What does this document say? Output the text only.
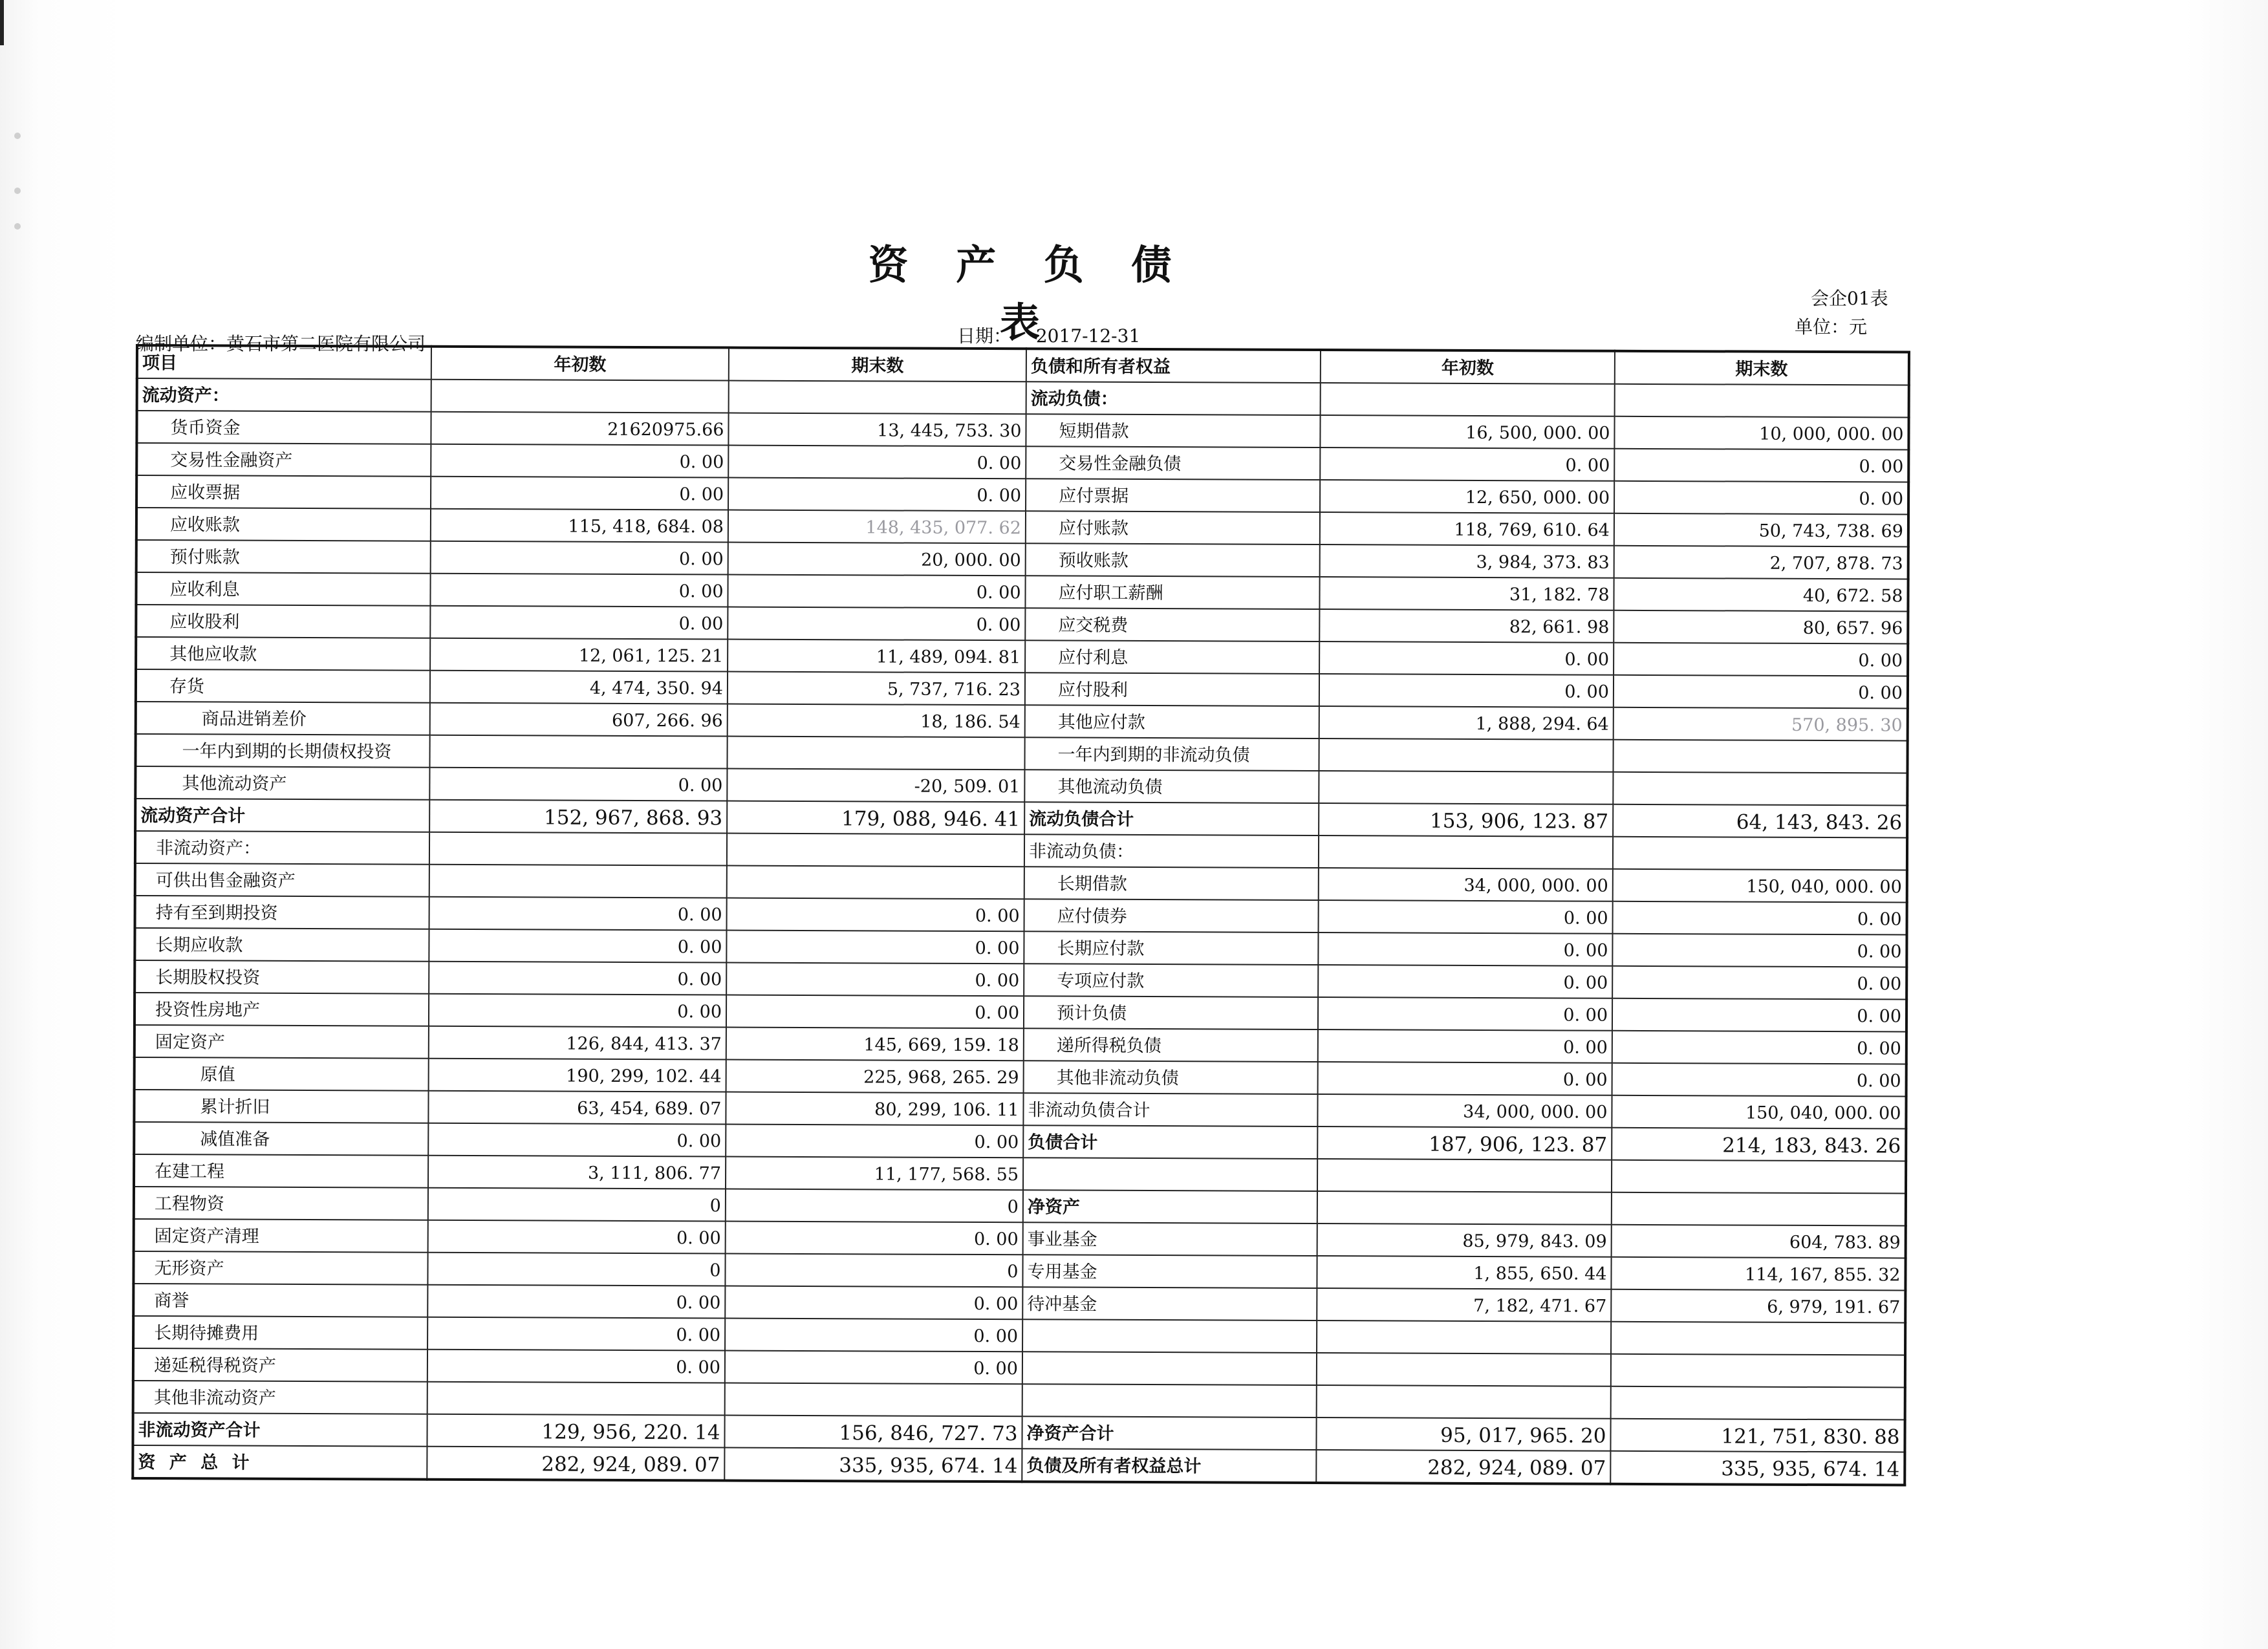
资 产 负 债 表
会企01表
单位：元
编制单位：黄石市第二医院有限公司	日期： 2017-12-31
项目	年初数	期末数	负债和所有者权益	年初数	期末数
流动资产：			流动负债：		
货币资金	21620975.66	13, 445, 753. 30	短期借款	16, 500, 000. 00	10, 000, 000. 00
交易性金融资产	0. 00	0. 00	交易性金融负债	0. 00	0. 00
应收票据	0. 00	0. 00	应付票据	12, 650, 000. 00	0. 00
应收账款	115, 418, 684. 08	148, 435, 077. 62	应付账款	118, 769, 610. 64	50, 743, 738. 69
预付账款	0. 00	20, 000. 00	预收账款	3, 984, 373. 83	2, 707, 878. 73
应收利息	0. 00	0. 00	应付职工薪酬	31, 182. 78	40, 672. 58
应收股利	0. 00	0. 00	应交税费	82, 661. 98	80, 657. 96
其他应收款	12, 061, 125. 21	11, 489, 094. 81	应付利息	0. 00	0. 00
存货	4, 474, 350. 94	5, 737, 716. 23	应付股利	0. 00	0. 00
商品进销差价	607, 266. 96	18, 186. 54	其他应付款	1, 888, 294. 64	570, 895. 30
一年内到期的长期债权投资			一年内到期的非流动负债		
其他流动资产	0. 00	-20, 509. 01	其他流动负债		
流动资产合计	152, 967, 868. 93	179, 088, 946. 41	流动负债合计	153, 906, 123. 87	64, 143, 843. 26
非流动资产：			非流动负债：		
可供出售金融资产			长期借款	34, 000, 000. 00	150, 040, 000. 00
持有至到期投资	0. 00	0. 00	应付债券	0. 00	0. 00
长期应收款	0. 00	0. 00	长期应付款	0. 00	0. 00
长期股权投资	0. 00	0. 00	专项应付款	0. 00	0. 00
投资性房地产	0. 00	0. 00	预计负债	0. 00	0. 00
固定资产	126, 844, 413. 37	145, 669, 159. 18	递所得税负债	0. 00	0. 00
原值	190, 299, 102. 44	225, 968, 265. 29	其他非流动负债	0. 00	0. 00
累计折旧	63, 454, 689. 07	80, 299, 106. 11	非流动负债合计	34, 000, 000. 00	150, 040, 000. 00
减值准备	0. 00	0. 00	负债合计	187, 906, 123. 87	214, 183, 843. 26
在建工程	3, 111, 806. 77	11, 177, 568. 55			
工程物资	0	0	净资产		
固定资产清理	0. 00	0. 00	事业基金	85, 979, 843. 09	604, 783. 89
无形资产	0	0	专用基金	1, 855, 650. 44	114, 167, 855. 32
商誉	0. 00	0. 00	待冲基金	7, 182, 471. 67	6, 979, 191. 67
长期待摊费用	0. 00	0. 00			
递延税得税资产	0. 00	0. 00			
其他非流动资产					
非流动资产合计	129, 956, 220. 14	156, 846, 727. 73	净资产合计	95, 017, 965. 20	121, 751, 830. 88
资 产 总 计	282, 924, 089. 07	335, 935, 674. 14	负债及所有者权益总计	282, 924, 089. 07	335, 935, 674. 14
